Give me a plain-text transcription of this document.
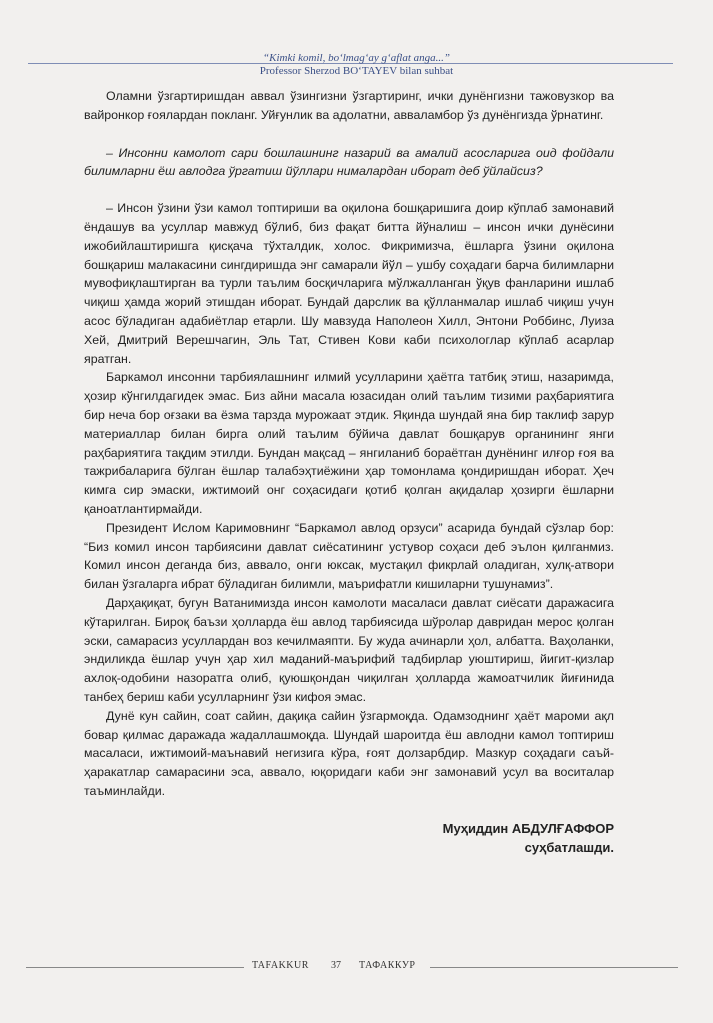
“Kimki komil, bo‘lmag‘ay g‘aflat anga...”
Professor Sherzod BO‘TAYEV bilan suhbat

Оламни ўзгартиришдан аввал ўзингизни ўзгартиринг, ички дунёнгизни тажовузкор ва вайронкор ғоялардан покланг. Уйғунлик ва адолатни, авваламбор ўз дунёнгизда ўрнатинг.

– Инсонни камолот сари бошлашнинг назарий ва амалий асосларига оид фойдали билимларни ёш авлодга ўргатиш йўллари нималардан иборат деб ўйлайсиз?

– Инсон ўзини ўзи камол топтириши ва оқилона бошқаришига доир кўплаб замонавий ёндашув ва усуллар мавжуд бўлиб, биз фақат битта йўналиш – инсон ички дунёсини ижобийлаштиришга қисқача тўхталдик, холос. Фикримизча, ёшларга ўзини оқилона бошқариш малакасини сингдиришда энг самарали йўл – ушбу соҳадаги барча билимларни мувофиқлаштирган ва турли таълим босқичларига мўлжалланган ўқув фанларини ишлаб чиқиш ҳамда жорий этишдан иборат. Бундай дарслик ва қўлланмалар ишлаб чиқиш учун асос бўладиган адабиётлар етарли. Шу мавзуда Наполеон Хилл, Энтони Роббинс, Луиза Хей, Дмитрий Верешчагин, Эль Тат, Стивен Кови каби психологлар кўплаб асарлар яратган.

Баркамол инсонни тарбиялашнинг илмий усулларини ҳаётга татбиқ этиш, назаримда, ҳозир кўнгилдагидек эмас. Биз айни масала юзасидан олий таълим тизими раҳбариятига бир неча бор оғзаки ва ёзма тарзда мурожаат этдик. Яқинда шундай яна бир таклиф зарур материаллар билан бирга олий таълим бўйича давлат бошқарув органининг янги раҳбариятига тақдим этилди. Бундан мақсад – янгиланиб бораётган дунёнинг илғор ғоя ва тажрибаларига бўлган ёшлар талабэҳтиёжини ҳар томонлама қондиришдан иборат. Ҳеч кимга сир эмаски, ижтимоий онг соҳасидаги қотиб қолган ақидалар ҳозирги ёшларни қаноатлантирмайди.

Президент Ислом Каримовнинг “Баркамол авлод орзуси” асарида бундай сўзлар бор: “Биз комил инсон тарбиясини давлат сиёсатининг устувор соҳаси деб эълон қилганмиз. Комил инсон деганда биз, аввало, онги юксак, мустақил фикрлай оладиган, хулқ-атвори билан ўзгаларга ибрат бўладиган билимли, маърифатли кишиларни тушунамиз”.

Дарҳақиқат, бугун Ватанимизда инсон камолоти масаласи давлат сиёсати даражасига кўтарилган. Бироқ баъзи ҳолларда ёш авлод тарбиясида шўролар давридан мерос қолган эски, самарасиз усуллардан воз кечилмаяпти. Бу жуда ачинарли ҳол, албатта. Ваҳоланки, эндиликда ёшлар учун ҳар хил маданий-маърифий тадбирлар уюштириш, йигит-қизлар ахлоқ-одобини назоратга олиб, қуюшқондан чиқилган ҳолларда жамоатчилик йиғинида танбеҳ бериш каби усулларнинг ўзи кифоя эмас.

Дунё кун сайин, соат сайин, дақиқа сайин ўзгармоқда. Одамзоднинг ҳаёт мароми ақл бовар қилмас даражада жадаллашмоқда. Шундай шароитда ёш авлодни камол топтириш масаласи, ижтимоий-маънавий негизига кўра, ғоят долзарбдир. Мазкур соҳадаги саъй-ҳаракатлар самарасини эса, аввало, юқоридаги каби энг замонавий усул ва воситалар таъминлайди.

Муҳиддин АБДУЛҒАФФОР
суҳбатлашди.
TAFAKKUR 37 ТАФАККУР
